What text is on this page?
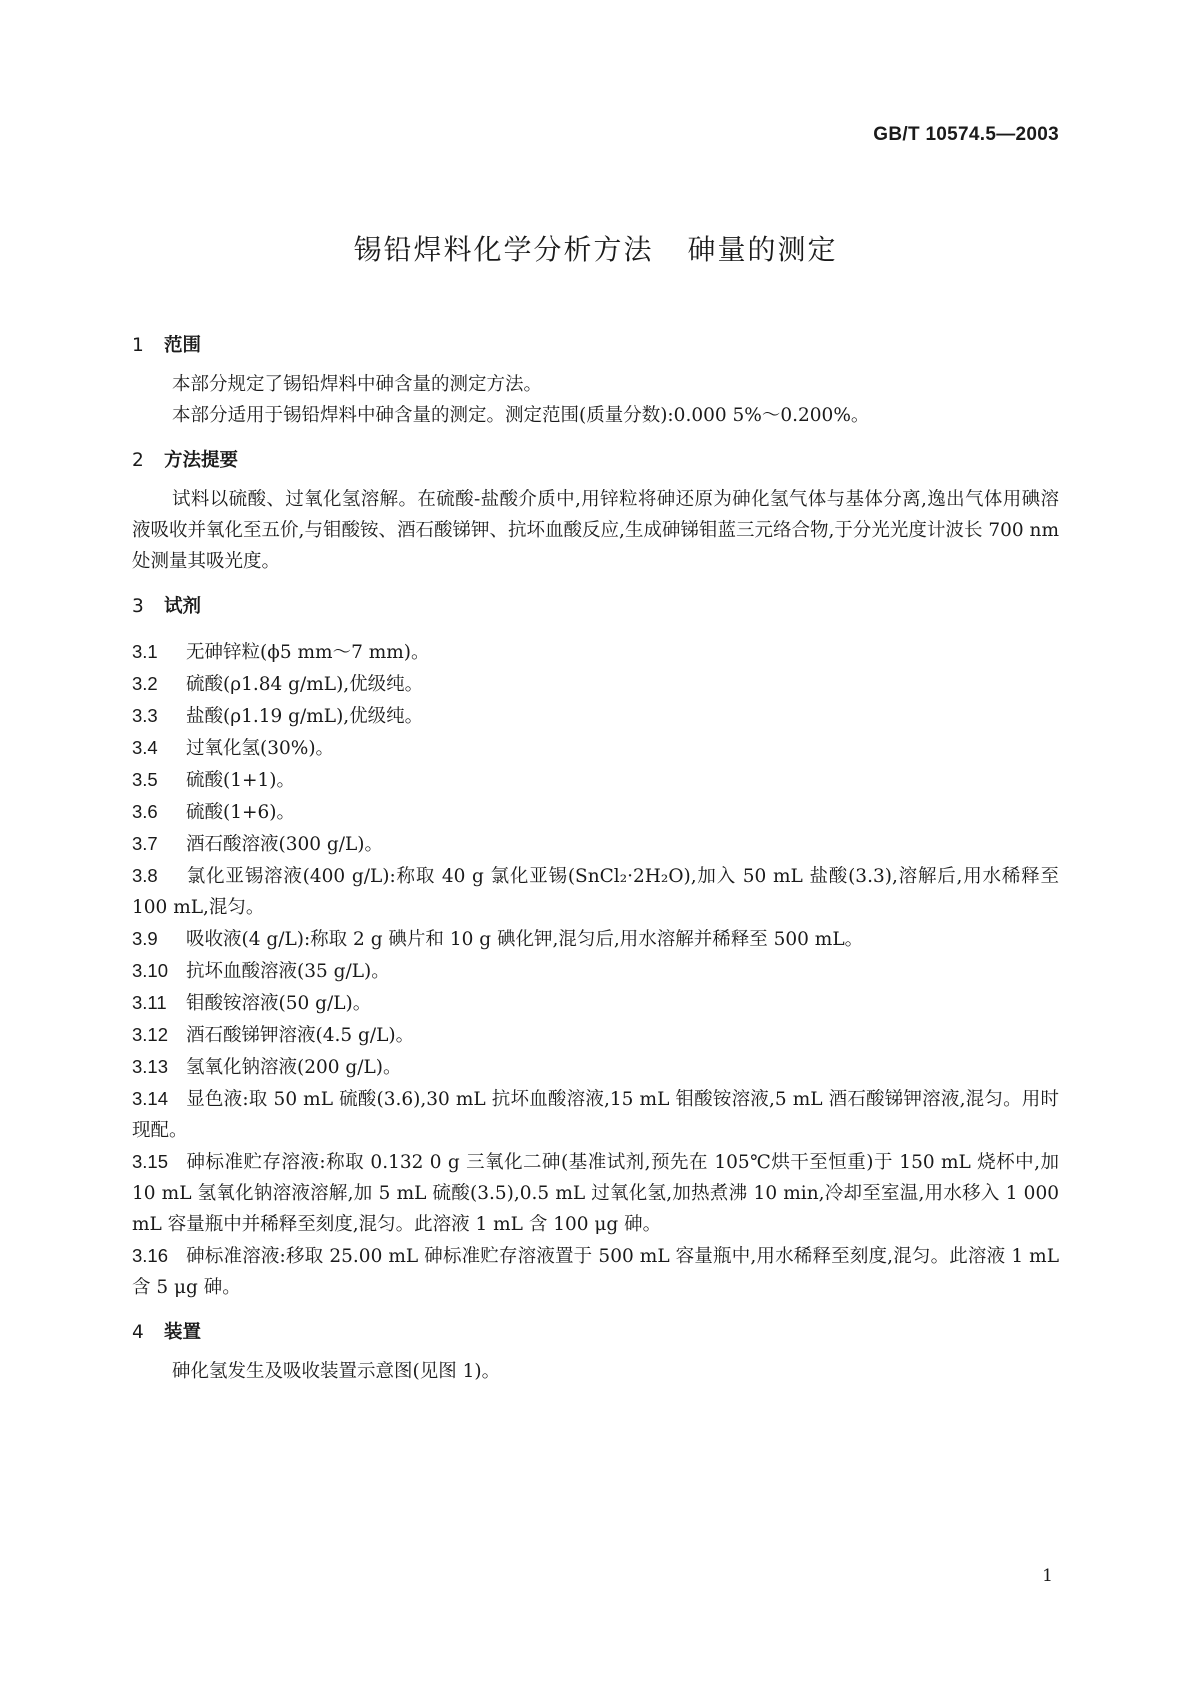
GB/T 10574.5—2003
锡铅焊料化学分析方法 砷量的测定
1 范围
本部分规定了锡铅焊料中砷含量的测定方法。
本部分适用于锡铅焊料中砷含量的测定。测定范围(质量分数):0.000 5%～0.200%。
2 方法提要
试料以硫酸、过氧化氢溶解。在硫酸-盐酸介质中,用锌粒将砷还原为砷化氢气体与基体分离,逸出气体用碘溶液吸收并氧化至五价,与钼酸铵、酒石酸锑钾、抗坏血酸反应,生成砷锑钼蓝三元络合物,于分光光度计波长 700 nm 处测量其吸光度。
3 试剂
3.1 无砷锌粒(ϕ5 mm～7 mm)。
3.2 硫酸(ρ1.84 g/mL),优级纯。
3.3 盐酸(ρ1.19 g/mL),优级纯。
3.4 过氧化氢(30%)。
3.5 硫酸(1+1)。
3.6 硫酸(1+6)。
3.7 酒石酸溶液(300 g/L)。
3.8 氯化亚锡溶液(400 g/L):称取 40 g 氯化亚锡(SnCl₂·2H₂O),加入 50 mL 盐酸(3.3),溶解后,用水稀释至 100 mL,混匀。
3.9 吸收液(4 g/L):称取 2 g 碘片和 10 g 碘化钾,混匀后,用水溶解并稀释至 500 mL。
3.10 抗坏血酸溶液(35 g/L)。
3.11 钼酸铵溶液(50 g/L)。
3.12 酒石酸锑钾溶液(4.5 g/L)。
3.13 氢氧化钠溶液(200 g/L)。
3.14 显色液:取 50 mL 硫酸(3.6),30 mL 抗坏血酸溶液,15 mL 钼酸铵溶液,5 mL 酒石酸锑钾溶液,混匀。用时现配。
3.15 砷标准贮存溶液:称取 0.132 0 g 三氧化二砷(基准试剂,预先在 105℃烘干至恒重)于 150 mL 烧杯中,加 10 mL 氢氧化钠溶液溶解,加 5 mL 硫酸(3.5),0.5 mL 过氧化氢,加热煮沸 10 min,冷却至室温,用水移入 1 000 mL 容量瓶中并稀释至刻度,混匀。此溶液 1 mL 含 100 μg 砷。
3.16 砷标准溶液:移取 25.00 mL 砷标准贮存溶液置于 500 mL 容量瓶中,用水稀释至刻度,混匀。此溶液 1 mL 含 5 μg 砷。
4 装置
砷化氢发生及吸收装置示意图(见图 1)。
1
